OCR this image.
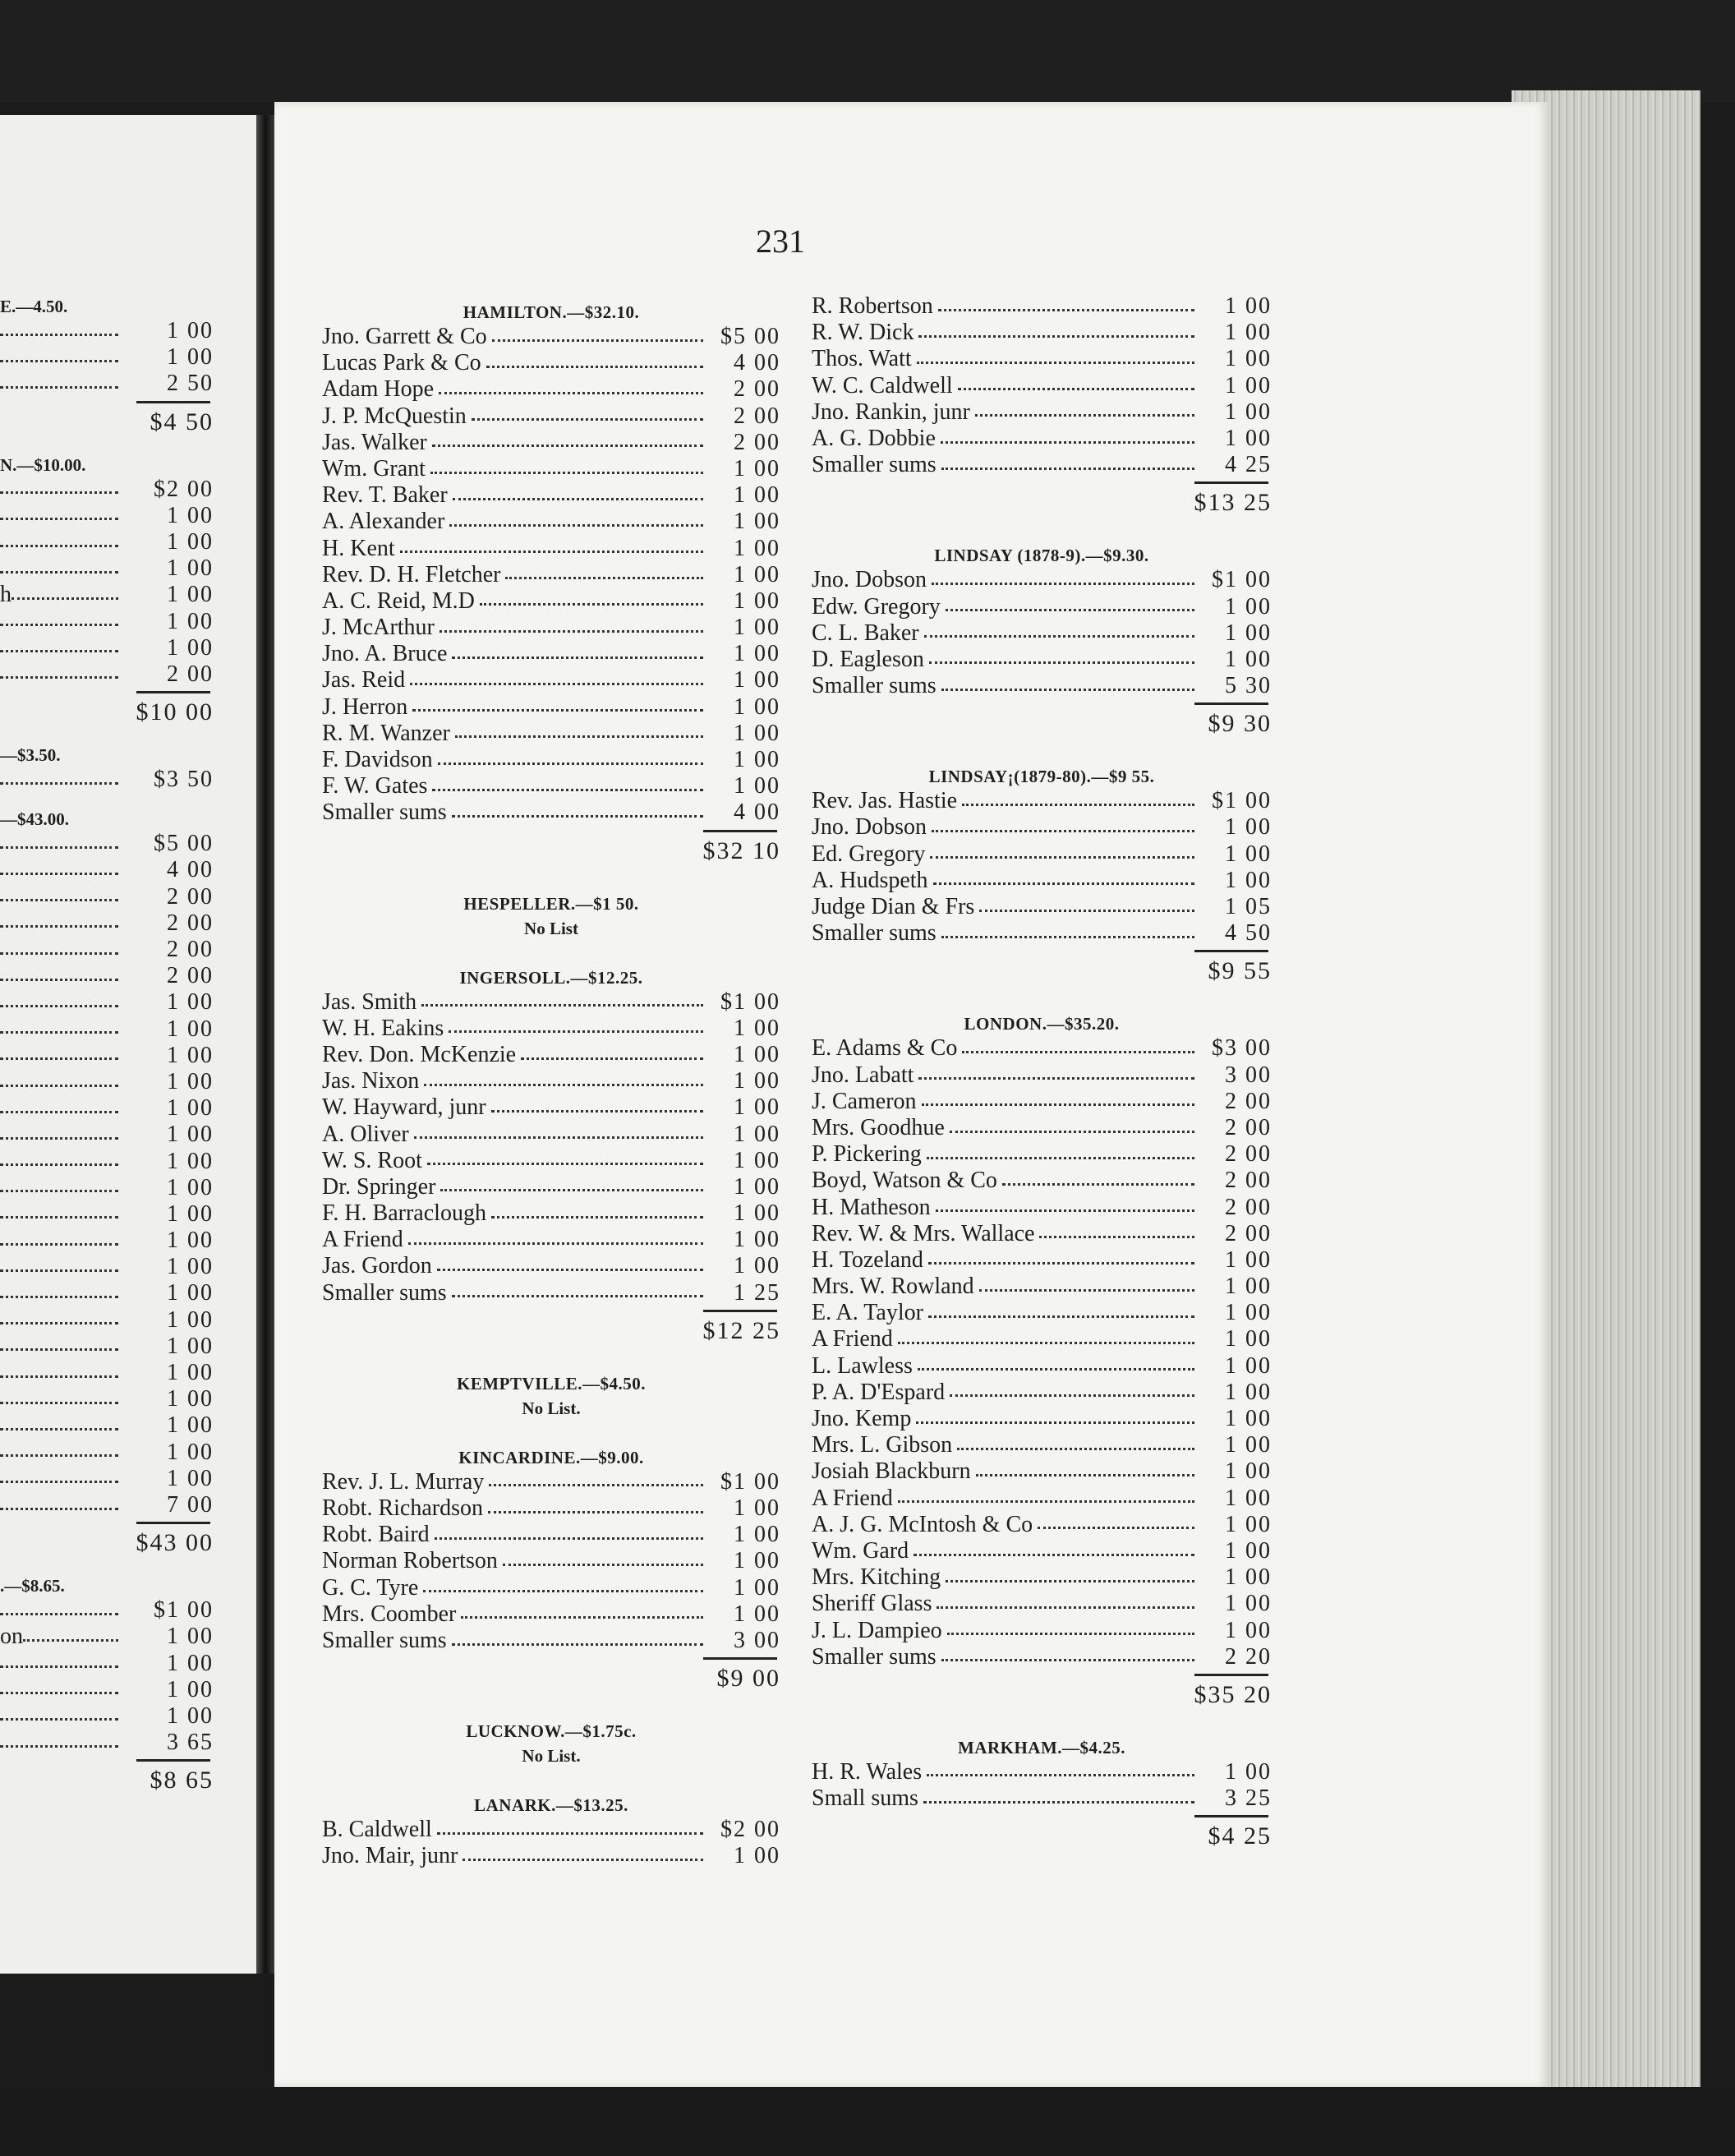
231
E.—4.50.
1 00
1 00
2 50
$4 50
N.—$10.00.
$2 00
1 00
1 00
1 00
h	1 00
1 00
1 00
2 00
$10 00
—$3.50.
$3 50
—$43.00.
$5 00
4 00
2 00
2 00
2 00
2 00
1 00
1 00
1 00
1 00
1 00
1 00
1 00
1 00
1 00
1 00
1 00
1 00
1 00
1 00
1 00
1 00
1 00
1 00
1 00
7 00
$43 00
.—$8.65.
$1 00
on	1 00
1 00
1 00
1 00
3 65
$8 65
HAMILTON.—$32.10.
Jno. Garrett & Co	$5 00
Lucas Park & Co	4 00
Adam Hope	2 00
J. P. McQuestin	2 00
Jas. Walker	2 00
Wm. Grant	1 00
Rev. T. Baker	1 00
A. Alexander	1 00
H. Kent	1 00
Rev. D. H. Fletcher	1 00
A. C. Reid, M.D	1 00
J. McArthur	1 00
Jno. A. Bruce	1 00
Jas. Reid	1 00
J. Herron	1 00
R. M. Wanzer	1 00
F. Davidson	1 00
F. W. Gates	1 00
Smaller sums	4 00
$32 10
HESPELLER.—$1 50.
No List
INGERSOLL.—$12.25.
Jas. Smith	$1 00
W. H. Eakins	1 00
Rev. Don. McKenzie	1 00
Jas. Nixon	1 00
W. Hayward, junr	1 00
A. Oliver	1 00
W. S. Root	1 00
Dr. Springer	1 00
F. H. Barraclough	1 00
A Friend	1 00
Jas. Gordon	1 00
Smaller sums	1 25
$12 25
KEMPTVILLE.—$4.50.
No List.
KINCARDINE.—$9.00.
Rev. J. L. Murray	$1 00
Robt. Richardson	1 00
Robt. Baird	1 00
Norman Robertson	1 00
G. C. Tyre	1 00
Mrs. Coomber	1 00
Smaller sums	3 00
$9 00
LUCKNOW.—$1.75c.
No List.
LANARK.—$13.25.
B. Caldwell	$2 00
Jno. Mair, junr	1 00
R. Robertson	1 00
R. W. Dick	1 00
Thos. Watt	1 00
W. C. Caldwell	1 00
Jno. Rankin, junr	1 00
A. G. Dobbie	1 00
Smaller sums	4 25
$13 25
LINDSAY (1878-9).—$9.30.
Jno. Dobson	$1 00
Edw. Gregory	1 00
C. L. Baker	1 00
D. Eagleson	1 00
Smaller sums	5 30
$9 30
LINDSAY¡(1879-80).—$9 55.
Rev. Jas. Hastie	$1 00
Jno. Dobson	1 00
Ed. Gregory	1 00
A. Hudspeth	1 00
Judge Dian & Frs	1 05
Smaller sums	4 50
$9 55
LONDON.—$35.20.
E. Adams & Co	$3 00
Jno. Labatt	3 00
J. Cameron	2 00
Mrs. Goodhue	2 00
P. Pickering	2 00
Boyd, Watson & Co	2 00
H. Matheson	2 00
Rev. W. & Mrs. Wallace	2 00
H. Tozeland	1 00
Mrs. W. Rowland	1 00
E. A. Taylor	1 00
A Friend	1 00
L. Lawless	1 00
P. A. D'Espard	1 00
Jno. Kemp	1 00
Mrs. L. Gibson	1 00
Josiah Blackburn	1 00
A Friend	1 00
A. J. G. McIntosh & Co	1 00
Wm. Gard	1 00
Mrs. Kitching	1 00
Sheriff Glass	1 00
J. L. Dampieo	1 00
Smaller sums	2 20
$35 20
MARKHAM.—$4.25.
H. R. Wales	1 00
Small sums	3 25
$4 25
